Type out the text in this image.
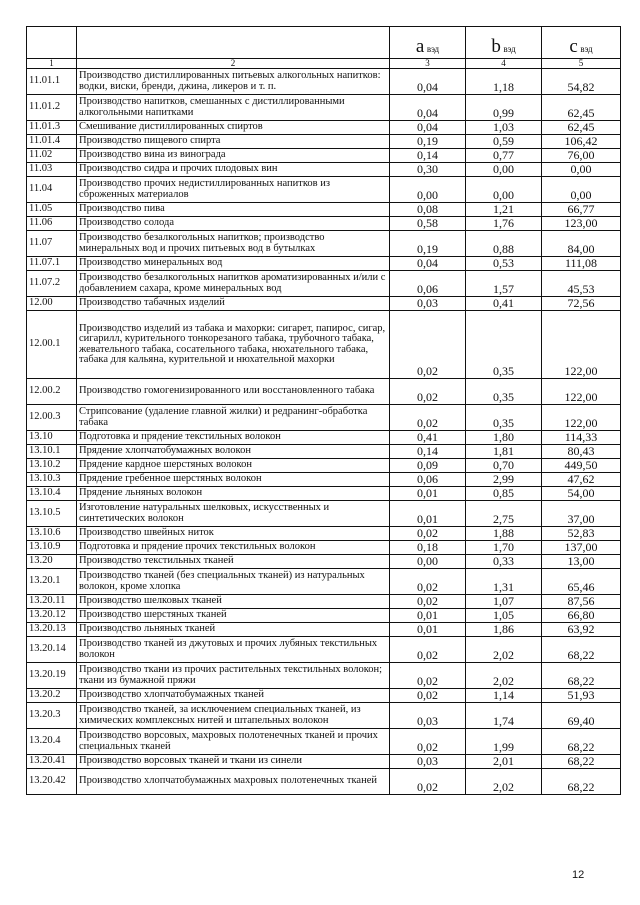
		a вэд	b вэд	c вэд
1	2	3	4	5
11.01.1	Производство дистиллированных питьевых алкогольных напитков: водки, виски, бренди, джина, ликеров и т. п.	0,04	1,18	54,82
11.01.2	Производство напитков, смешанных с дистиллированными алкогольными напитками	0,04	0,99	62,45
11.01.3	Смешивание дистиллированных спиртов	0,04	1,03	62,45
11.01.4	Производство пищевого спирта	0,19	0,59	106,42
11.02	Производство вина из винограда	0,14	0,77	76,00
11.03	Производство сидра и прочих плодовых вин	0,30	0,00	0,00
11.04	Производство прочих недистиллированных напитков из сброженных материалов	0,00	0,00	0,00
11.05	Производство пива	0,08	1,21	66,77
11.06	Производство солода	0,58	1,76	123,00
11.07	Производство безалкогольных напитков; производство минеральных вод и прочих питьевых вод в бутылках	0,19	0,88	84,00
11.07.1	Производство минеральных вод	0,04	0,53	111,08
11.07.2	Производство безалкогольных напитков ароматизированных и/или с добавлением сахара, кроме минеральных вод	0,06	1,57	45,53
12.00	Производство табачных изделий	0,03	0,41	72,56
12.00.1	Производство изделий из табака и махорки: сигарет, папирос, сигар, сигарилл, курительного тонкорезаного табака, трубочного табака, жевательного табака, сосательного табака, нюхательного табака, табака для кальяна, курительной и нюхательной махорки	0,02	0,35	122,00
12.00.2	Производство гомогенизированного или восстановленного табака	0,02	0,35	122,00
12.00.3	Стрипсование (удаление главной жилки) и редранинг-обработка табака	0,02	0,35	122,00
13.10	Подготовка и прядение текстильных волокон	0,41	1,80	114,33
13.10.1	Прядение хлопчатобумажных волокон	0,14	1,81	80,43
13.10.2	Прядение кардное шерстяных волокон	0,09	0,70	449,50
13.10.3	Прядение гребенное шерстяных волокон	0,06	2,99	47,62
13.10.4	Прядение льняных волокон	0,01	0,85	54,00
13.10.5	Изготовление натуральных шелковых, искусственных и синтетических волокон	0,01	2,75	37,00
13.10.6	Производство швейных ниток	0,02	1,88	52,83
13.10.9	Подготовка и прядение прочих текстильных волокон	0,18	1,70	137,00
13.20	Производство текстильных тканей	0,00	0,33	13,00
13.20.1	Производство тканей (без специальных тканей) из натуральных волокон, кроме хлопка	0,02	1,31	65,46
13.20.11	Производство шелковых тканей	0,02	1,07	87,56
13.20.12	Производство шерстяных тканей	0,01	1,05	66,80
13.20.13	Производство льняных тканей	0,01	1,86	63,92
13.20.14	Производство тканей из джутовых и прочих лубяных текстильных волокон	0,02	2,02	68,22
13.20.19	Производство ткани из прочих растительных текстильных волокон; ткани из бумажной пряжи	0,02	2,02	68,22
13.20.2	Производство хлопчатобумажных тканей	0,02	1,14	51,93
13.20.3	Производство тканей, за исключением специальных тканей, из химических комплексных нитей и штапельных волокон	0,03	1,74	69,40
13.20.4	Производство ворсовых, махровых полотенечных тканей и прочих специальных тканей	0,02	1,99	68,22
13.20.41	Производство ворсовых тканей и ткани из синели	0,03	2,01	68,22
13.20.42	Производство хлопчатобумажных махровых полотенечных тканей	0,02	2,02	68,22
12
